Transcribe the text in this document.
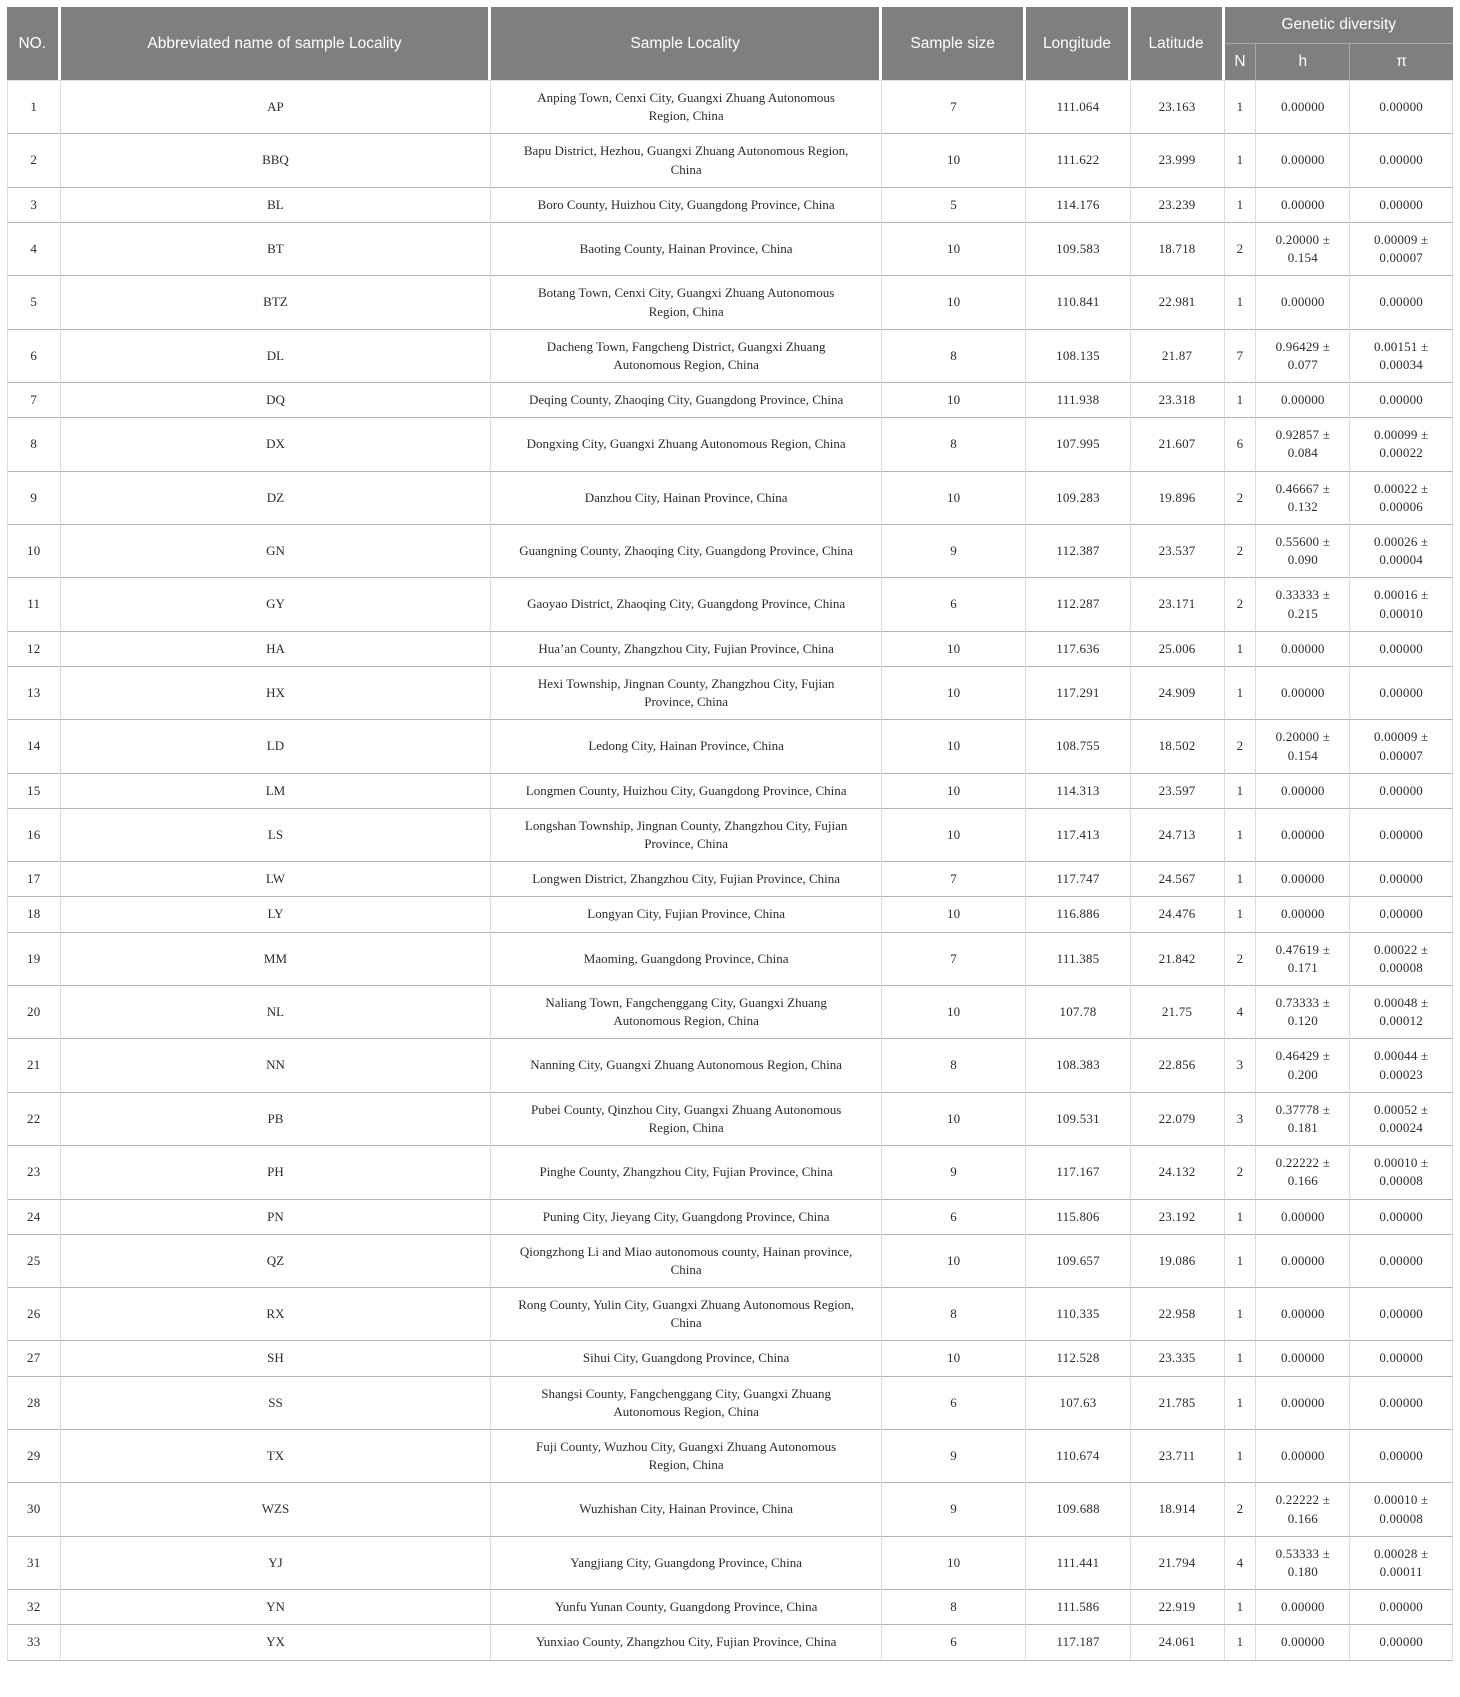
NO.	Abbreviated name of sample Locality	Sample Locality	Sample size	Longitude	Latitude	Genetic diversity		
						N	h	π
1	AP	Anping Town, Cenxi City, Guangxi Zhuang Autonomous Region, China	7	111.064	23.163	1	0.00000	0.00000
2	BBQ	Bapu District, Hezhou, Guangxi Zhuang Autonomous Region, China	10	111.622	23.999	1	0.00000	0.00000
3	BL	Boro County, Huizhou City, Guangdong Province, China	5	114.176	23.239	1	0.00000	0.00000
4	BT	Baoting County, Hainan Province, China	10	109.583	18.718	2	0.20000 ± 0.154	0.00009 ± 0.00007
5	BTZ	Botang Town, Cenxi City, Guangxi Zhuang Autonomous Region, China	10	110.841	22.981	1	0.00000	0.00000
6	DL	Dacheng Town, Fangcheng District, Guangxi Zhuang Autonomous Region, China	8	108.135	21.87	7	0.96429 ± 0.077	0.00151 ± 0.00034
7	DQ	Deqing County, Zhaoqing City, Guangdong Province, China	10	111.938	23.318	1	0.00000	0.00000
8	DX	Dongxing City, Guangxi Zhuang Autonomous Region, China	8	107.995	21.607	6	0.92857 ± 0.084	0.00099 ± 0.00022
9	DZ	Danzhou City, Hainan Province, China	10	109.283	19.896	2	0.46667 ± 0.132	0.00022 ± 0.00006
10	GN	Guangning County, Zhaoqing City, Guangdong Province, China	9	112.387	23.537	2	0.55600 ± 0.090	0.00026 ± 0.00004
11	GY	Gaoyao District, Zhaoqing City, Guangdong Province, China	6	112.287	23.171	2	0.33333 ± 0.215	0.00016 ± 0.00010
12	HA	Hua’an County, Zhangzhou City, Fujian Province, China	10	117.636	25.006	1	0.00000	0.00000
13	HX	Hexi Township, Jingnan County, Zhangzhou City, Fujian Province, China	10	117.291	24.909	1	0.00000	0.00000
14	LD	Ledong City, Hainan Province, China	10	108.755	18.502	2	0.20000 ± 0.154	0.00009 ± 0.00007
15	LM	Longmen County, Huizhou City, Guangdong Province, China	10	114.313	23.597	1	0.00000	0.00000
16	LS	Longshan Township, Jingnan County, Zhangzhou City, Fujian Province, China	10	117.413	24.713	1	0.00000	0.00000
17	LW	Longwen District, Zhangzhou City, Fujian Province, China	7	117.747	24.567	1	0.00000	0.00000
18	LY	Longyan City, Fujian Province, China	10	116.886	24.476	1	0.00000	0.00000
19	MM	Maoming, Guangdong Province, China	7	111.385	21.842	2	0.47619 ± 0.171	0.00022 ± 0.00008
20	NL	Naliang Town, Fangchenggang City, Guangxi Zhuang Autonomous Region, China	10	107.78	21.75	4	0.73333 ± 0.120	0.00048 ± 0.00012
21	NN	Nanning City, Guangxi Zhuang Autonomous Region, China	8	108.383	22.856	3	0.46429 ± 0.200	0.00044 ± 0.00023
22	PB	Pubei County, Qinzhou City, Guangxi Zhuang Autonomous Region, China	10	109.531	22.079	3	0.37778 ± 0.181	0.00052 ± 0.00024
23	PH	Pinghe County, Zhangzhou City, Fujian Province, China	9	117.167	24.132	2	0.22222 ± 0.166	0.00010 ± 0.00008
24	PN	Puning City, Jieyang City, Guangdong Province, China	6	115.806	23.192	1	0.00000	0.00000
25	QZ	Qiongzhong Li and Miao autonomous county, Hainan province, China	10	109.657	19.086	1	0.00000	0.00000
26	RX	Rong County, Yulin City, Guangxi Zhuang Autonomous Region, China	8	110.335	22.958	1	0.00000	0.00000
27	SH	Sihui City, Guangdong Province, China	10	112.528	23.335	1	0.00000	0.00000
28	SS	Shangsi County, Fangchenggang City, Guangxi Zhuang Autonomous Region, China	6	107.63	21.785	1	0.00000	0.00000
29	TX	Fuji County, Wuzhou City, Guangxi Zhuang Autonomous Region, China	9	110.674	23.711	1	0.00000	0.00000
30	WZS	Wuzhishan City, Hainan Province, China	9	109.688	18.914	2	0.22222 ± 0.166	0.00010 ± 0.00008
31	YJ	Yangjiang City, Guangdong Province, China	10	111.441	21.794	4	0.53333 ± 0.180	0.00028 ± 0.00011
32	YN	Yunfu Yunan County, Guangdong Province, China	8	111.586	22.919	1	0.00000	0.00000
33	YX	Yunxiao County, Zhangzhou City, Fujian Province, China	6	117.187	24.061	1	0.00000	0.00000
